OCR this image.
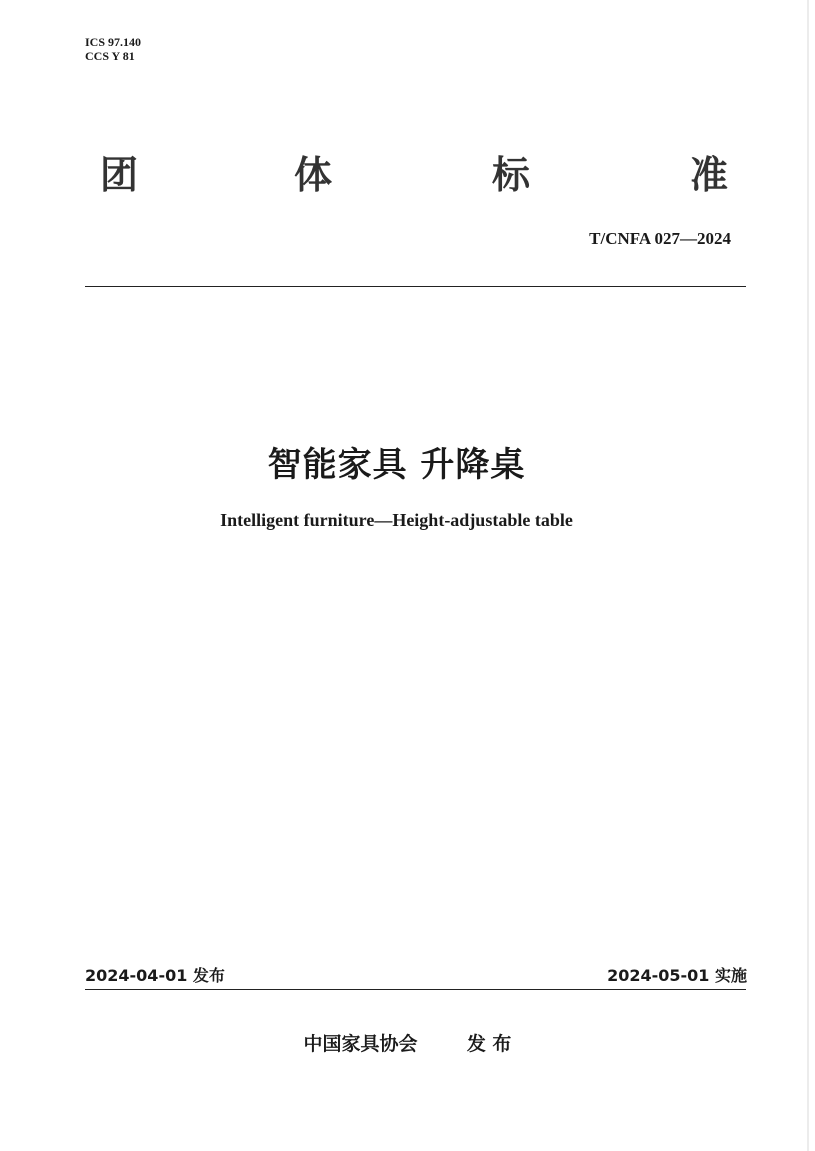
ICS 97.140
CCS Y 81
团	体	标	准
T/CNFA 027—2024
智能家具 升降桌
Intelligent furniture—Height-adjustable table
2024-04-01 发布	2024-05-01 实施
中国家具协会	发 布
